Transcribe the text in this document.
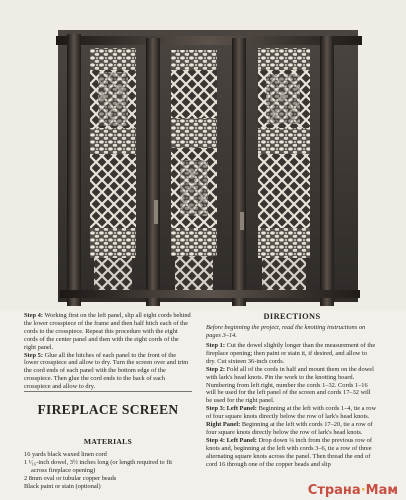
Step 4: Working first on the left panel, slip all eight cords behind the lower crosspiece of the frame and then half hitch each of the cords to the crosspiece. Repeat this procedure with the eight cords of the center panel and then with the eight cords of the right panel.

Step 5: Glue all the hitches of each panel to the front of the lower crosspiece and allow to dry. Turn the screen over and trim the cord ends of each panel with the bottom edge of the crosspiece. Then glue the cord ends to the back of each crosspiece and allow to dry.

FIREPLACE SCREEN
MATERIALS
16 yards black waxed linen cord
1 ¹⁄₁₆-inch dowel, 3½ inches long (or length required to fit
across fireplace opening)
2 8mm oval or tubular copper beads
Black paint or stain (optional)
DIRECTIONS
Before beginning the project, read the knotting instructions on pages 3–14.

Step 1: Cut the dowel slightly longer than the measurement of the fireplace opening; then paint or stain it, if desired, and allow to dry. Cut sixteen 36-inch cords.

Step 2: Fold all of the cords in half and mount them on the dowel with lark's head knots. Pin the work to the knotting board. Numbering from left right, number the cords 1–32. Cords 1–16 will be used for the left panel of the screen and cords 17–32 will be used for the right panel.

Step 3: Left Panel: Beginning at the left with cords 1–4, tie a row of four square knots directly below the row of lark's head knots. Right Panel: Beginning at the left with cords 17–20, tie a row of four square knots directly below the row of lark's head knots.

Step 4: Left Panel: Drop down ¼ inch from the previous row of knots and, beginning at the left with cords 3–6, tie a row of three alternating square knots across the panel. Then thread the end of cord 16 through one of the copper beads and slip

Страна·Мам
